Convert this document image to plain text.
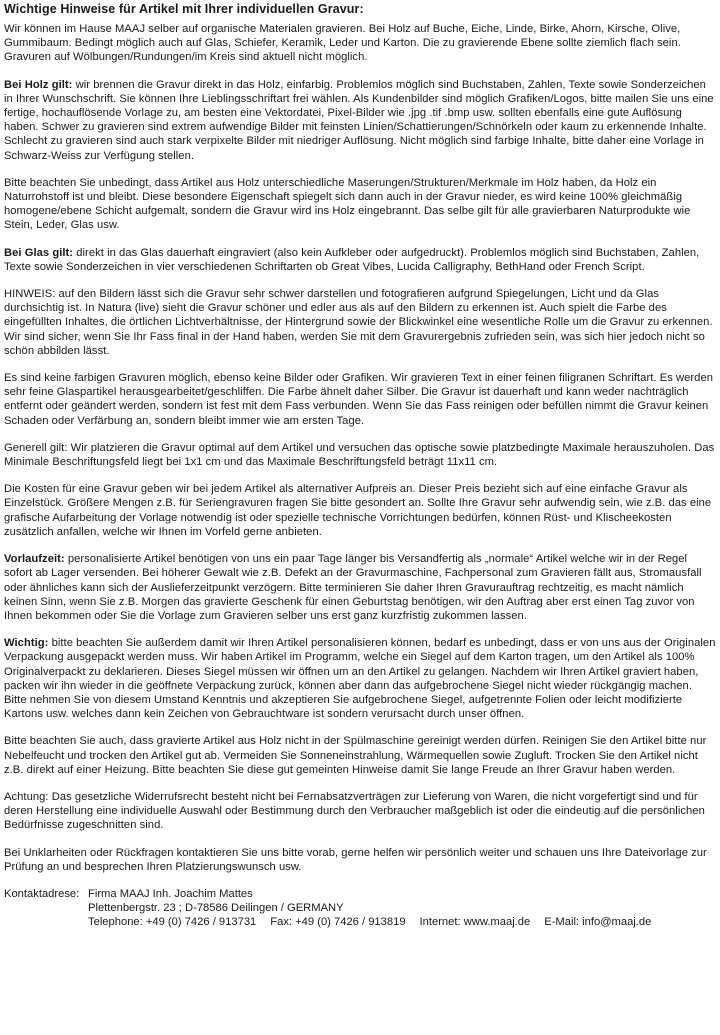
Wichtige Hinweise für Artikel mit Ihrer individuellen Gravur:

Wir können im Hause MAAJ selber auf organische Materialen gravieren. Bei Holz auf Buche, Eiche, Linde, Birke, Ahorn, Kirsche, Olive, Gummibaum. Bedingt möglich auch auf Glas, Schiefer, Keramik, Leder und Karton. Die zu gravierende Ebene sollte ziemlich flach sein. Gravuren auf Wölbungen/Rundungen/im Kreis sind aktuell nicht möglich.

Bei Holz gilt: wir brennen die Gravur direkt in das Holz, einfarbig. Problemlos möglich sind Buchstaben, Zahlen, Texte sowie Sonderzeichen in Ihrer Wunschschrift. Sie können Ihre Lieblingsschriftart frei wählen. Als Kundenbilder sind möglich Grafiken/Logos, bitte mailen Sie uns eine fertige, hochauflösende Vorlage zu, am besten eine Vektordatei, Pixel-Bilder wie .jpg .tif .bmp usw. sollten ebenfalls eine gute Auflösung haben. Schwer zu gravieren sind extrem aufwendige Bilder mit feinsten Linien/Schattierungen/Schnörkeln oder kaum zu erkennende Inhalte. Schlecht zu gravieren sind auch stark verpixelte Bilder mit niedriger Auflösung. Nicht möglich sind farbige Inhalte, bitte daher eine Vorlage in Schwarz-Weiss zur Verfügung stellen.

Bitte beachten Sie unbedingt, dass Artikel aus Holz unterschiedliche Maserungen/Strukturen/Merkmale im Holz haben, da Holz ein Naturrohstoff ist und bleibt. Diese besondere Eigenschaft spiegelt sich dann auch in der Gravur nieder, es wird keine 100% gleichmäßig homogene/ebene Schicht aufgemalt, sondern die Gravur wird ins Holz eingebrannt. Das selbe gilt für alle gravierbaren Naturprodukte wie Stein, Leder, Glas usw.

Bei Glas gilt: direkt in das Glas dauerhaft eingraviert (also kein Aufkleber oder aufgedruckt). Problemlos möglich sind Buchstaben, Zahlen, Texte sowie Sonderzeichen in vier verschiedenen Schriftarten ob Great Vibes, Lucida Calligraphy, BethHand oder French Script.

HINWEIS: auf den Bildern lässt sich die Gravur sehr schwer darstellen und fotografieren aufgrund Spiegelungen, Licht und da Glas durchsichtig ist. In Natura (live) sieht die Gravur schöner und edler aus als auf den Bildern zu erkennen ist. Auch spielt die Farbe des eingefüllten Inhaltes, die örtlichen Lichtverhältnisse, der Hintergrund sowie der Blickwinkel eine wesentliche Rolle um die Gravur zu erkennen. Wir sind sicher, wenn Sie Ihr Fass final in der Hand haben, werden Sie mit dem Gravurergebnis zufrieden sein, was sich hier jedoch nicht so schön abbilden lässt.

Es sind keine farbigen Gravuren möglich, ebenso keine Bilder oder Grafiken. Wir gravieren Text in einer feinen filigranen Schriftart. Es werden sehr feine Glaspartikel herausgearbeitet/geschliffen. Die Farbe ähnelt daher Silber. Die Gravur ist dauerhaft und kann weder nachträglich entfernt oder geändert werden, sondern ist fest mit dem Fass verbunden. Wenn Sie das Fass reinigen oder befüllen nimmt die Gravur keinen Schaden oder Verfärbung an, sondern bleibt immer wie am ersten Tage.

Generell gilt: Wir platzieren die Gravur optimal auf dem Artikel und versuchen das optische sowie platzbedingte Maximale herauszuholen. Das Minimale Beschriftungsfeld liegt bei 1x1 cm und das Maximale Beschriftungsfeld beträgt 11x11 cm.

Die Kosten für eine Gravur geben wir bei jedem Artikel als alternativer Aufpreis an. Dieser Preis bezieht sich auf eine einfache Gravur als Einzelstück. Größere Mengen z.B. für Seriengravuren fragen Sie bitte gesondert an. Sollte Ihre Gravur sehr aufwendig sein, wie z.B. das eine grafische Aufarbeitung der Vorlage notwendig ist oder spezielle technische Vorrichtungen bedürfen, können Rüst- und Klischeekosten zusätzlich anfallen, welche wir Ihnen im Vorfeld gerne anbieten.

Vorlaufzeit: personalisierte Artikel benötigen von uns ein paar Tage länger bis Versandfertig als „normale“ Artikel welche wir in der Regel sofort ab Lager versenden. Bei höherer Gewalt wie z.B. Defekt an der Gravurmaschine, Fachpersonal zum Gravieren fällt aus, Stromausfall oder ähnliches kann sich der Auslieferzeitpunkt verzögern. Bitte terminieren Sie daher Ihren Gravurauftrag rechtzeitig, es macht nämlich keinen Sinn, wenn Sie z.B. Morgen das gravierte Geschenk für einen Geburtstag benötigen, wir den Auftrag aber erst einen Tag zuvor von Ihnen bekommen oder Sie die Vorlage zum Gravieren selber uns erst ganz kurzfristig zukommen lassen.

Wichtig: bitte beachten Sie außerdem damit wir Ihren Artikel personalisieren können, bedarf es unbedingt, dass er von uns aus der Originalen Verpackung ausgepackt werden muss. Wir haben Artikel im Programm, welche ein Siegel auf dem Karton tragen, um den Artikel als 100% Originalverpackt zu deklarieren. Dieses Siegel müssen wir öffnen um an den Artikel zu gelangen. Nachdem wir Ihren Artikel graviert haben, packen wir ihn wieder in die geöffnete Verpackung zurück, können aber dann das aufgebrochene Siegel nicht wieder rückgängig machen. Bitte nehmen Sie von diesem Umstand Kenntnis und akzeptieren Sie aufgebrochene Siegel, aufgetrennte Folien oder leicht modifizierte Kartons usw. welches dann kein Zeichen von Gebrauchtware ist sondern verursacht durch unser öffnen.

Bitte beachten Sie auch, dass gravierte Artikel aus Holz nicht in der Spülmaschine gereinigt werden dürfen. Reinigen Sie den Artikel bitte nur Nebelfeucht und trocken den Artikel gut ab. Vermeiden Sie Sonneneinstrahlung, Wärmequellen sowie Zugluft. Trocken Sie den Artikel nicht z.B. direkt auf einer Heizung. Bitte beachten Sie diese gut gemeinten Hinweise damit Sie lange Freude an Ihrer Gravur haben werden.

Achtung: Das gesetzliche Widerrufsrecht besteht nicht bei Fernabsatzverträgen zur Lieferung von Waren, die nicht vorgefertigt sind und für deren Herstellung eine individuelle Auswahl oder Bestimmung durch den Verbraucher maßgeblich ist oder die eindeutig auf die persönlichen Bedürfnisse zugeschnitten sind.

Bei Unklarheiten oder Rückfragen kontaktieren Sie uns bitte vorab, gerne helfen wir persönlich weiter und schauen uns Ihre Dateivorlage zur Prüfung an und besprechen Ihren Platzierungswunsch usw.

Kontaktadrese: Firma MAAJ Inh. Joachim Mattes
Plettenbergstr. 23 ; D-78586 Deilingen / GERMANY
Telephone: +49 (0) 7426 / 913731 Fax: +49 (0) 7426 / 913819 Internet: www.maaj.de E-Mail: info@maaj.de
